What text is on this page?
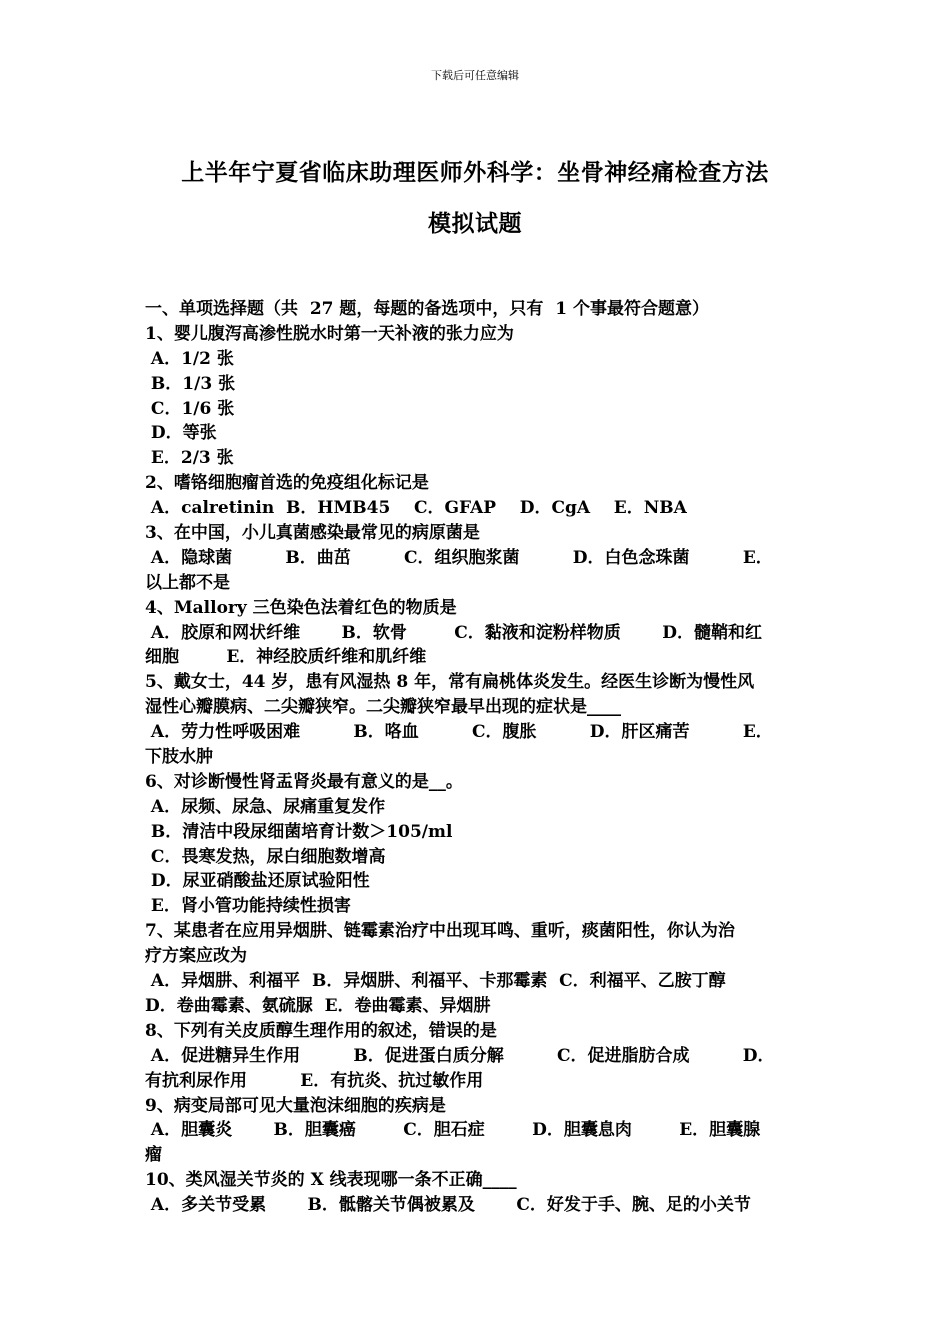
下载后可任意编辑
上半年宁夏省临床助理医师外科学：坐骨神经痛检查方法
模拟试题
一、单项选择题（共  27 题，每题的备选项中，只有  1 个事最符合题意）
1、婴儿腹泻高渗性脱水时第一天补液的张力应为
A．1/2 张
B．1/3 张
C．1/6 张
D．等张
E．2/3 张
2、嗜铬细胞瘤首选的免疫组化标记是
A．calretinin  B．HMB45    C．GFAP    D．CgA    E．NBA
3、在中国，小儿真菌感染最常见的病原菌是
A．隐球菌         B．曲茁         C．组织胞浆菌         D．白色念珠菌         E．
以上都不是
4、Mallory 三色染色法着红色的物质是
A．胶原和网状纤维       B．软骨        C．黏液和淀粉样物质       D．髓鞘和红
细胞        E．神经胶质纤维和肌纤维
5、戴女士，44 岁，患有风湿热 8 年，常有扁桃体炎发生。经医生诊断为慢性风
湿性心瓣膜病、二尖瓣狭窄。二尖瓣狭窄最早出现的症状是____
A．劳力性呼吸困难         B．咯血         C．腹胀         D．肝区痛苦         E．
下肢水肿
6、对诊断慢性肾盂肾炎最有意义的是__。
A．尿频、尿急、尿痛重复发作
B．清洁中段尿细菌培育计数＞105/ml
C．畏寒发热，尿白细胞数增高
D．尿亚硝酸盐还原试验阳性
E．肾小管功能持续性损害
7、某患者在应用异烟肼、链霉素治疗中出现耳鸣、重听，痰菌阳性，你认为治
疗方案应改为
A．异烟肼、利福平  B．异烟肼、利福平、卡那霉素  C．利福平、乙胺丁醇
D．卷曲霉素、氨硫脲  E．卷曲霉素、异烟肼
8、下列有关皮质醇生理作用的叙述，错误的是
A．促进糖异生作用         B．促进蛋白质分解         C．促进脂肪合成         D．
有抗利尿作用         E．有抗炎、抗过敏作用
9、病变局部可见大量泡沫细胞的疾病是
A．胆囊炎       B．胆囊癌        C．胆石症        D．胆囊息肉        E．胆囊腺
瘤
10、类风湿关节炎的 X 线表现哪一条不正确____
A．多关节受累       B．骶髂关节偶被累及       C．好发于手、腕、足的小关节
